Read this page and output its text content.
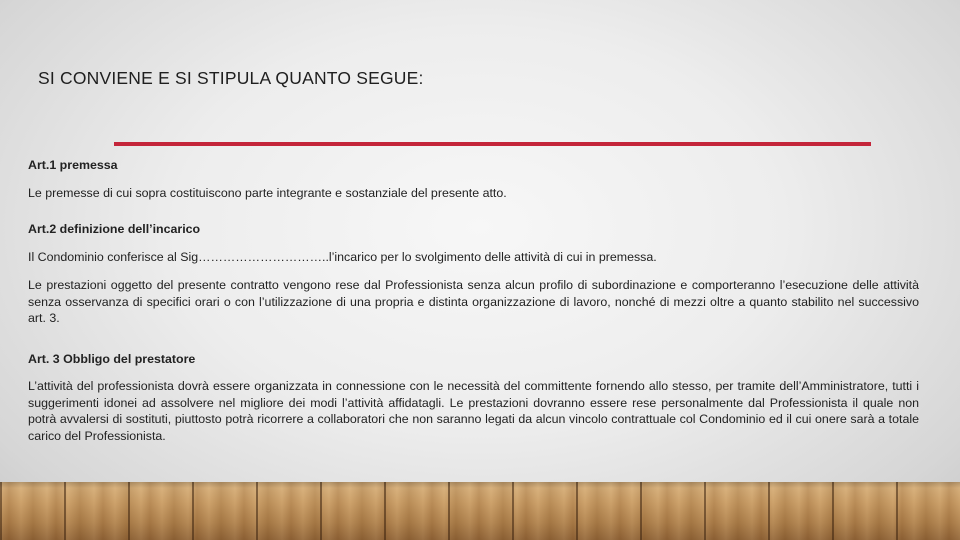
SI CONVIENE E SI STIPULA QUANTO SEGUE:

Art.1 premessa

Le premesse di cui sopra costituiscono parte integrante e sostanziale del presente atto.

Art.2 definizione dell’incarico

Il Condominio conferisce al Sig…………………………..l’incarico per lo svolgimento delle attività di cui in premessa.

Le prestazioni oggetto del presente contratto vengono rese dal Professionista senza alcun profilo di subordinazione e comporteranno l’esecuzione delle attività senza osservanza di specifici orari o con l’utilizzazione di una propria e distinta organizzazione di lavoro, nonché di mezzi oltre a quanto stabilito nel successivo art. 3.

Art. 3 Obbligo del prestatore

L’attività del professionista dovrà essere organizzata in connessione con le necessità del committente fornendo allo stesso, per tramite dell’Amministratore, tutti i suggerimenti idonei ad assolvere nel migliore dei modi l’attività affidatagli. Le prestazioni dovranno essere rese personalmente dal Professionista il quale non potrà avvalersi di sostituti, piuttosto potrà ricorrere a collaboratori che non saranno legati da alcun vincolo contrattuale col Condominio ed il cui onere sarà a totale carico del Professionista.
